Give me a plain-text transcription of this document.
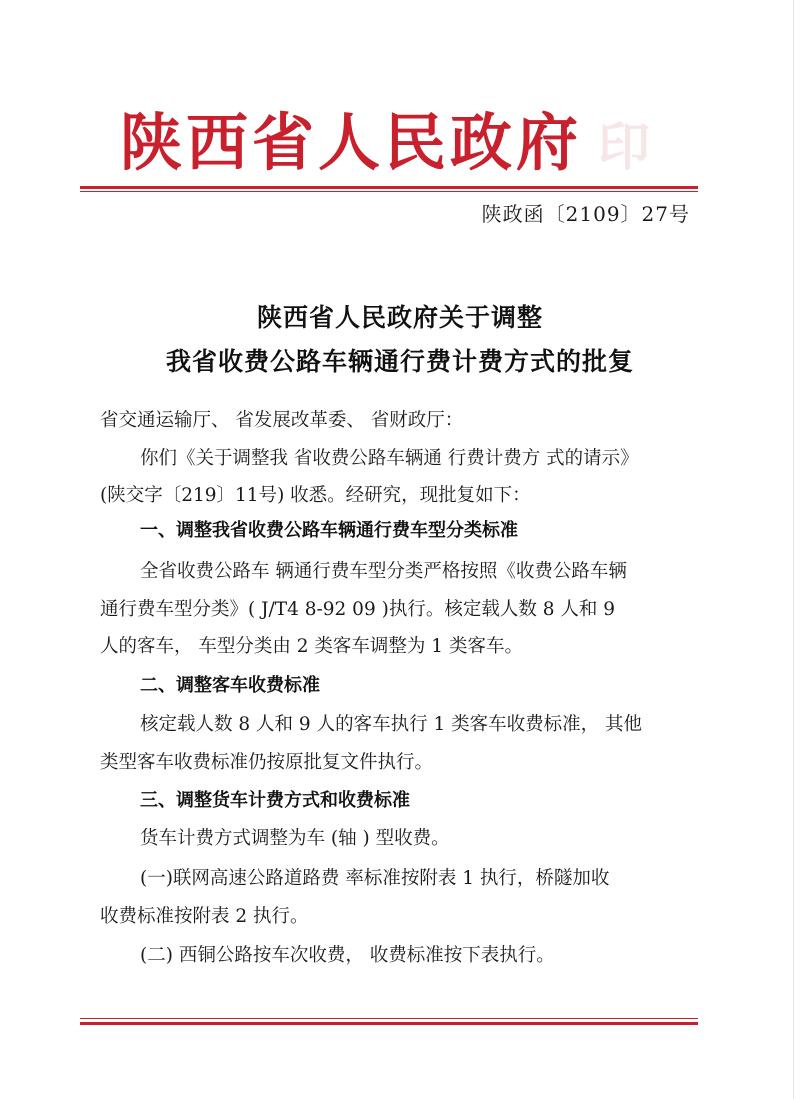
陕西省人民政府 印
陕政函〔2109〕27号
陕西省人民政府关于调整
我省收费公路车辆通行费计费方式的批复
省交通运输厅、 省发展改革委、 省财政厅：
你们《关于调整我 省收费公路车辆通 行费计费方 式的请示》
(陕交字〔219〕11号) 收悉。经研究，现批复如下：
一、调整我省收费公路车辆通行费车型分类标准
全省收费公路车 辆通行费车型分类严格按照《收费公路车辆
通行费车型分类》( J/T4 8-92 09 )执行。核定载人数 8 人和 9
人的客车， 车型分类由 2 类客车调整为 1 类客车。
二、调整客车收费标准
核定载人数 8 人和 9 人的客车执行 1 类客车收费标准， 其他
类型客车收费标准仍按原批复文件执行。
三、调整货车计费方式和收费标准
货车计费方式调整为车 (轴 ) 型收费。
(一)联网高速公路道路费 率标准按附表 1 执行，桥隧加收
收费标准按附表 2 执行。
(二) 西铜公路按车次收费， 收费标准按下表执行。
